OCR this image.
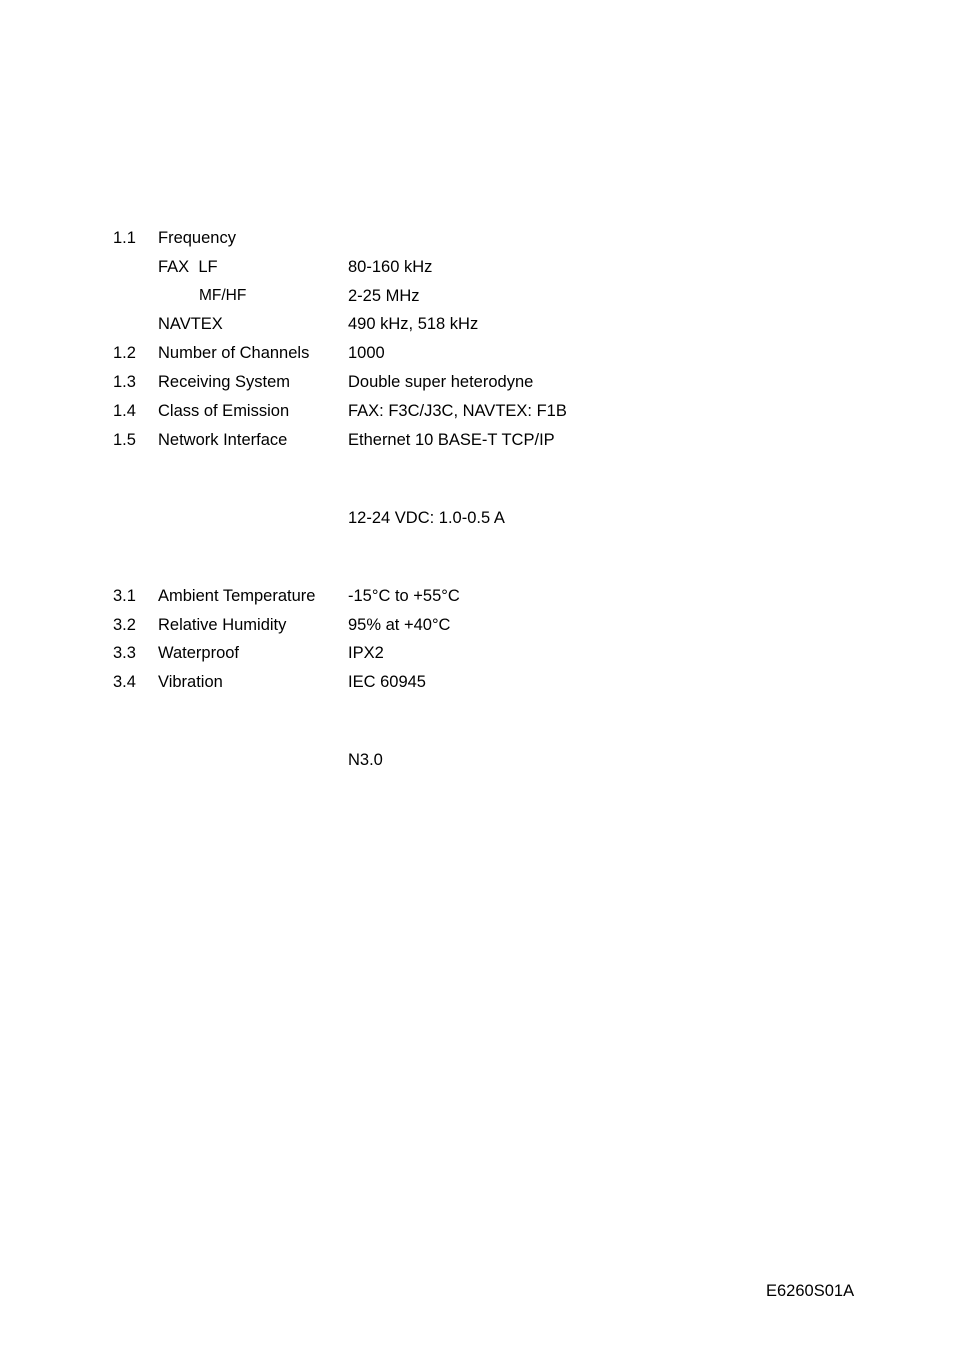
1.1 Frequency
FAX  LF	80-160 kHz
MF/HF	2-25 MHz
NAVTEX	490 kHz, 518 kHz
1.2 Number of Channels 1000
1.3 Receiving System	Double super heterodyne
1.4 Class of Emission	FAX: F3C/J3C, NAVTEX: F1B
1.5 Network Interface	Ethernet 10 BASE-T TCP/IP
12-24 VDC: 1.0-0.5 A
3.1 Ambient Temperature -15°C to +55°C
3.2 Relative Humidity	95% at +40°C
3.3 Waterproof	IPX2
3.4 Vibration	IEC 60945
N3.0
E6260S01A
